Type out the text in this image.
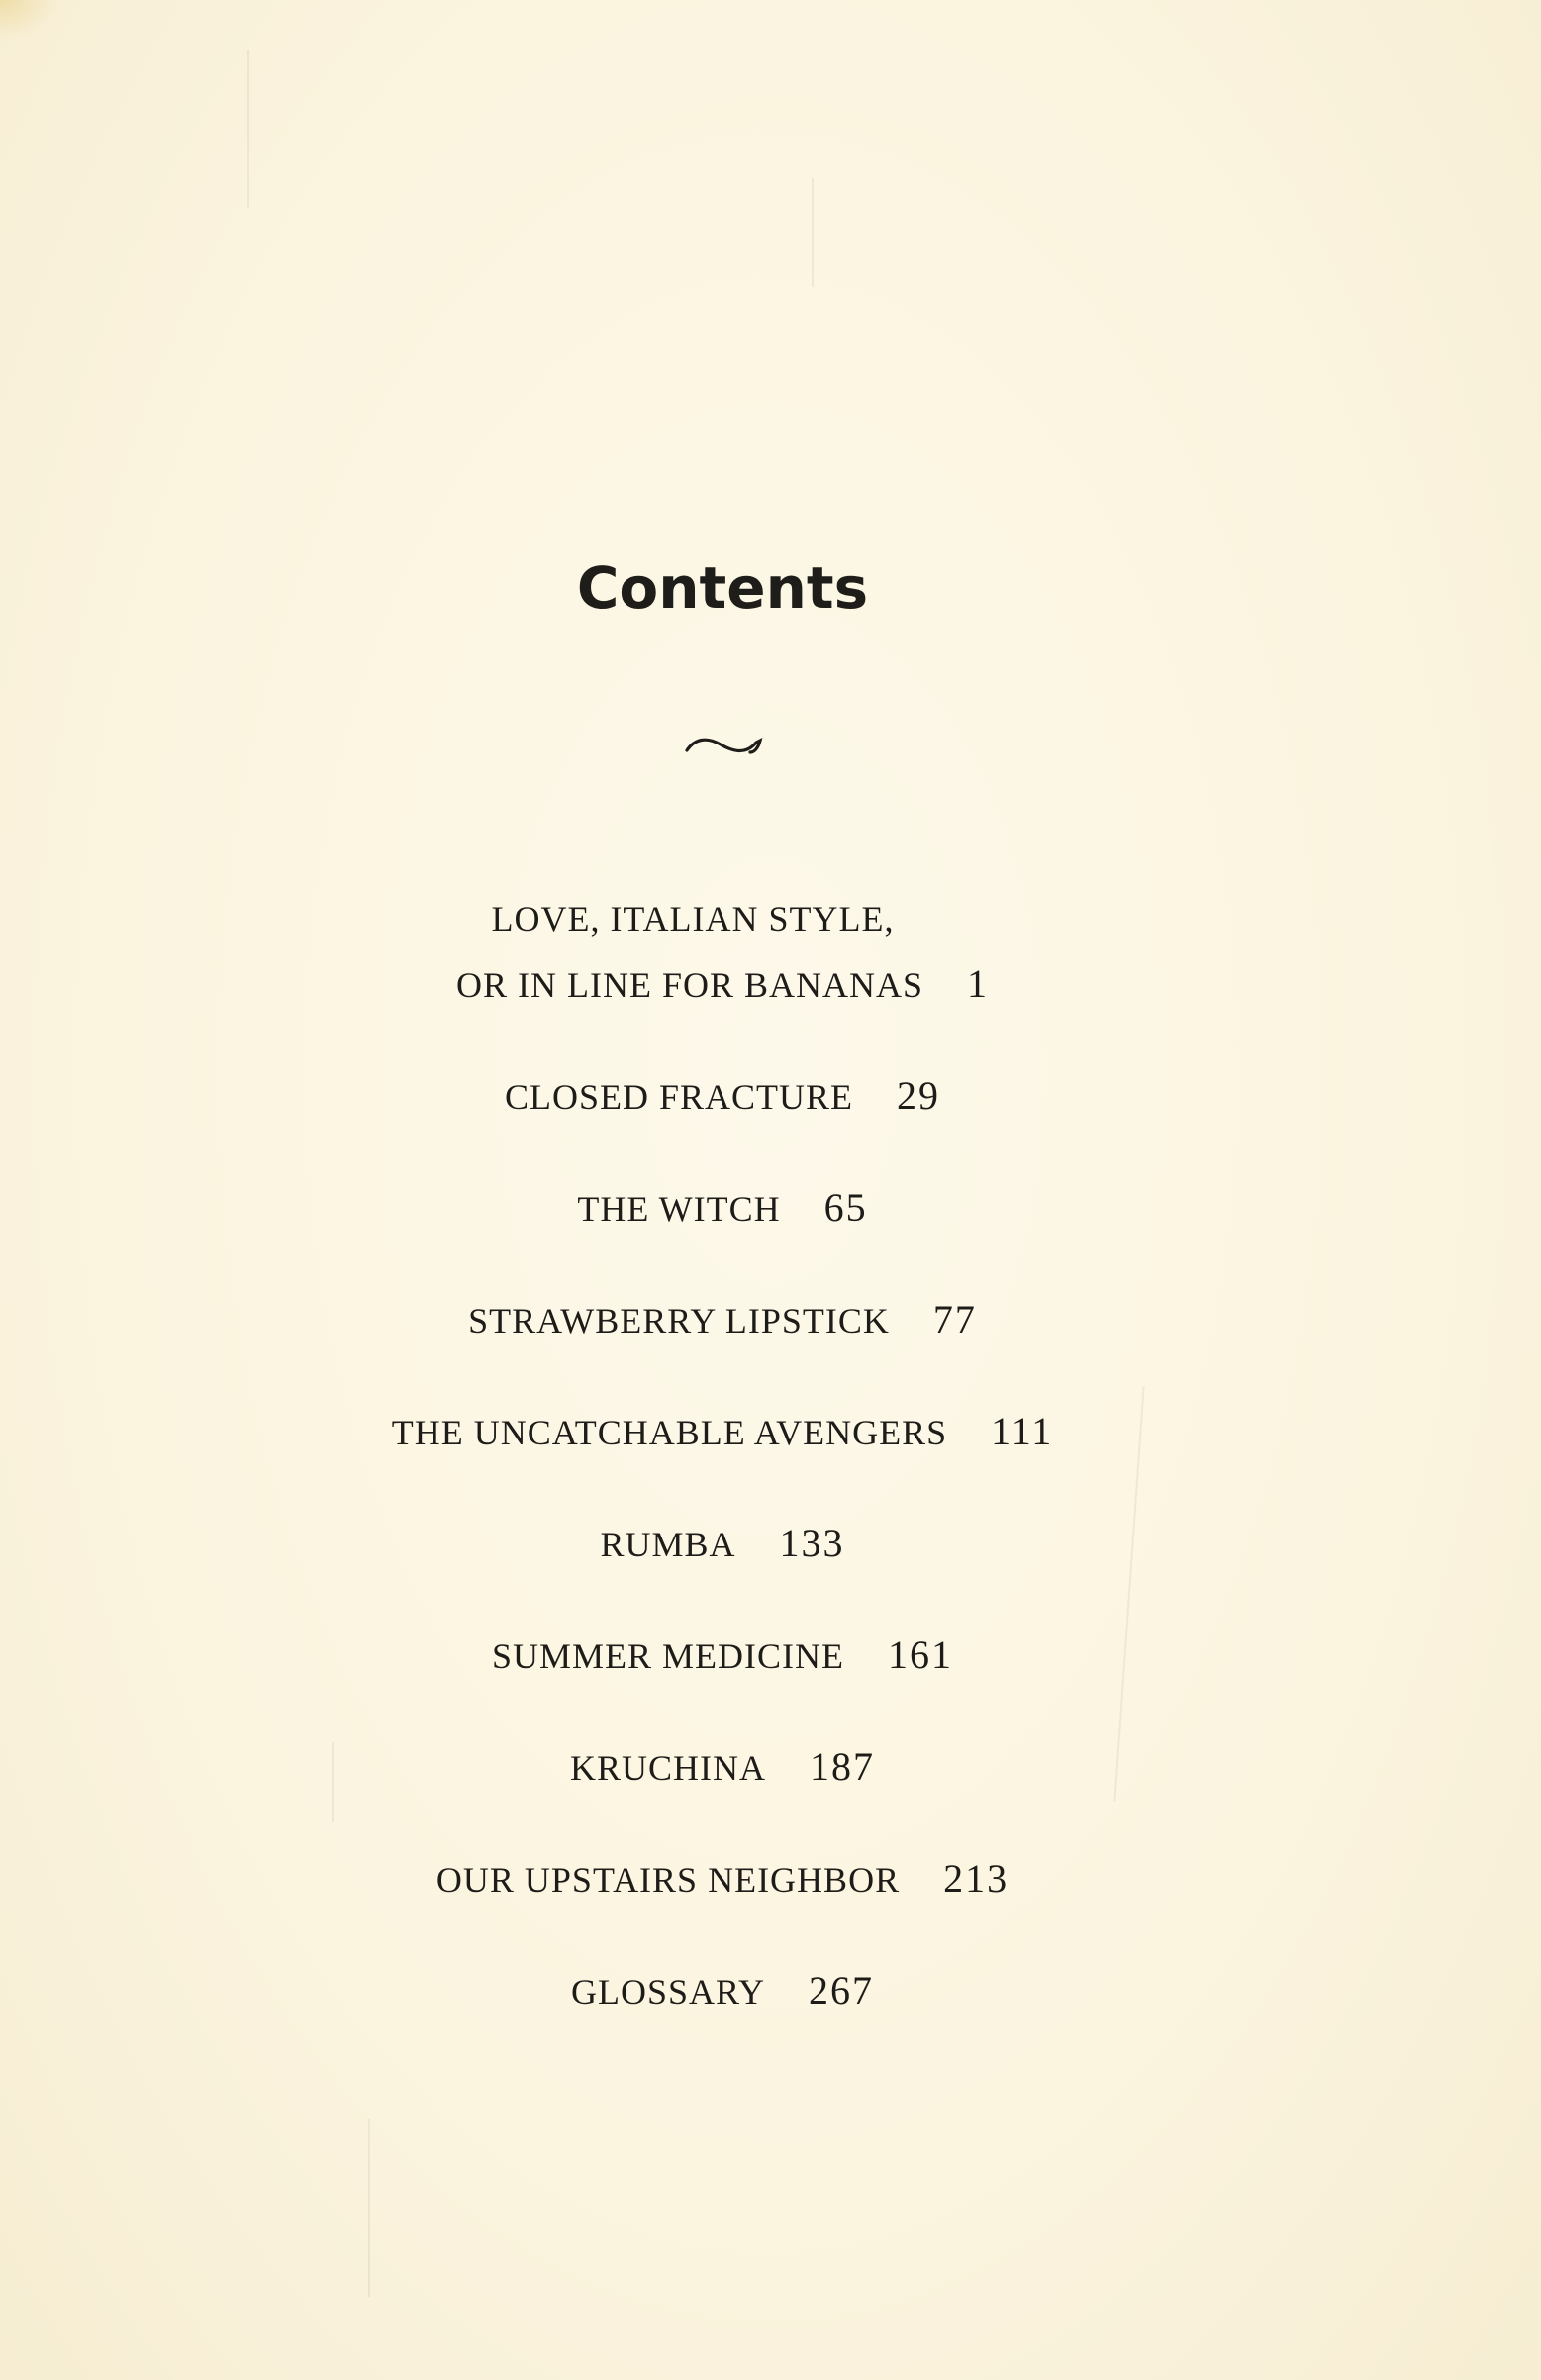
Contents
LOVE, ITALIAN STYLE,
OR IN LINE FOR BANANAS 1
CLOSED FRACTURE 29
THE WITCH 65
STRAWBERRY LIPSTICK 77
THE UNCATCHABLE AVENGERS 111
RUMBA 133
SUMMER MEDICINE 161
KRUCHINA 187
OUR UPSTAIRS NEIGHBOR 213
GLOSSARY 267
